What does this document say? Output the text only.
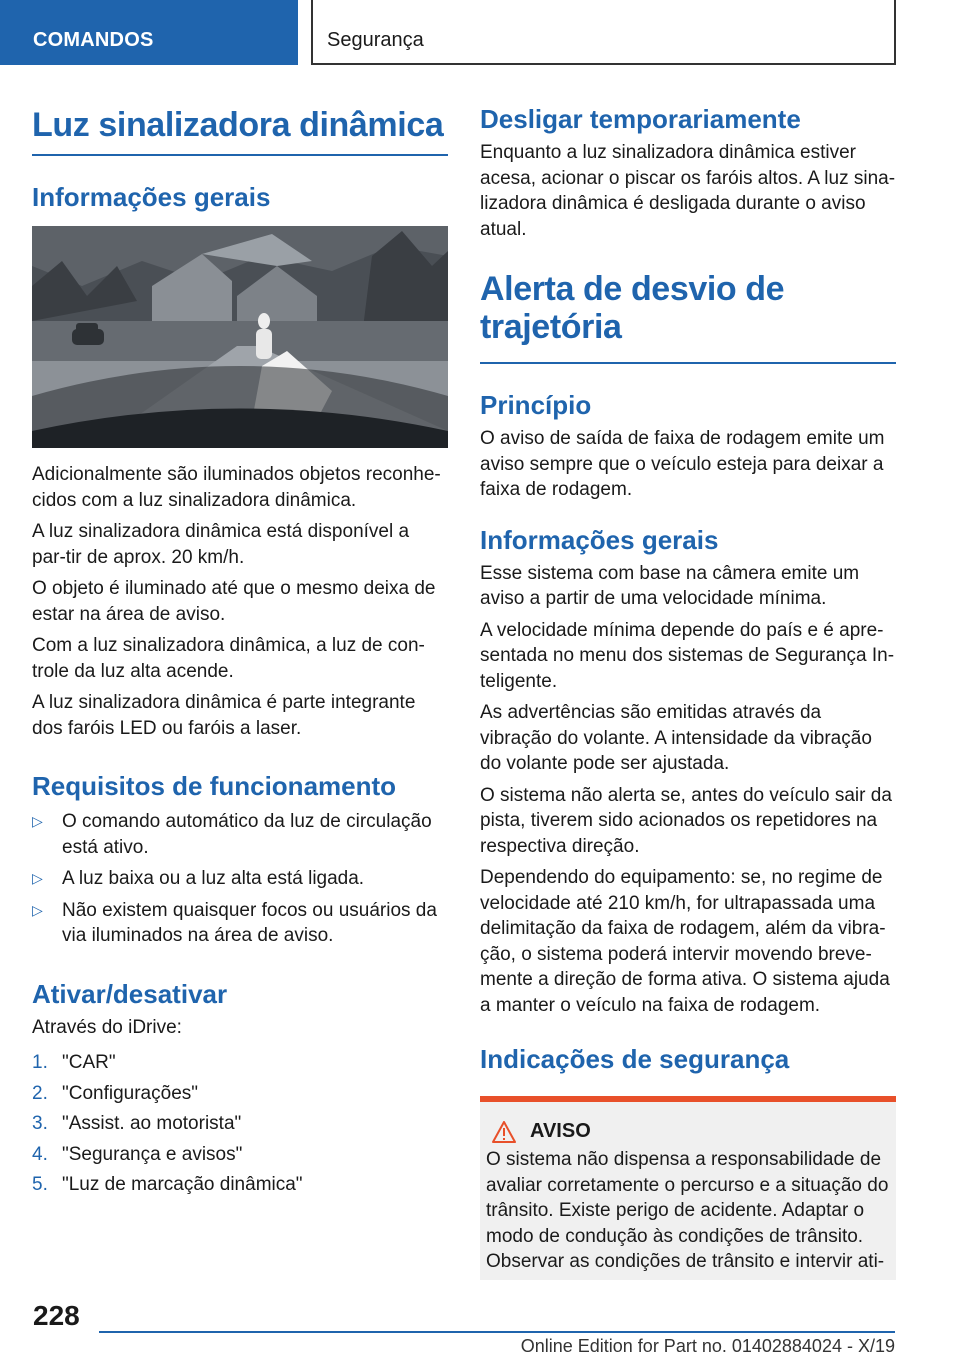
COMANDOS	Segurança
Luz sinalizadora dinâmica
Informações gerais

Adicionalmente são iluminados objetos reconhe-cidos com a luz sinalizadora dinâmica.

A luz sinalizadora dinâmica está disponível a par-tir de aprox. 20 km/h.

O objeto é iluminado até que o mesmo deixa de estar na área de aviso.

Com a luz sinalizadora dinâmica, a luz de con-trole da luz alta acende.

A luz sinalizadora dinâmica é parte integrante dos faróis LED ou faróis a laser.

Requisitos de funcionamento
▷ O comando automático da luz de circulação está ativo.
▷ A luz baixa ou a luz alta está ligada.
▷ Não existem quaisquer focos ou usuários da via iluminados na área de aviso.
Ativar/desativar

Através do iDrive:

1. "CAR"
2. "Configurações"
3. "Assist. ao motorista"
4. "Segurança e avisos"
5. "Luz de marcação dinâmica"
Desligar temporariamente

Enquanto a luz sinalizadora dinâmica estiver acesa, acionar o piscar os faróis altos. A luz sina-lizadora dinâmica é desligada durante o aviso atual.

Alerta de desvio de trajetória
Princípio

O aviso de saída de faixa de rodagem emite um aviso sempre que o veículo esteja para deixar a faixa de rodagem.

Informações gerais

Esse sistema com base na câmera emite um aviso a partir de uma velocidade mínima.

A velocidade mínima depende do país e é apre-sentada no menu dos sistemas de Segurança In-teligente.

As advertências são emitidas através da vibração do volante. A intensidade da vibração do volante pode ser ajustada.

O sistema não alerta se, antes do veículo sair da pista, tiverem sido acionados os repetidores na respectiva direção.

Dependendo do equipamento: se, no regime de velocidade até 210 km/h, for ultrapassada uma delimitação da faixa de rodagem, além da vibra-ção, o sistema poderá intervir movendo breve-mente a direção de forma ativa. O sistema ajuda a manter o veículo na faixa de rodagem.

Indicações de segurança
AVISO

O sistema não dispensa a responsabilidade de avaliar corretamente o percurso e a situação do trânsito. Existe perigo de acidente. Adaptar o modo de condução às condições de trânsito. Observar as condições de trânsito e intervir ati-

228
Online Edition for Part no. 01402884024 - X/19
